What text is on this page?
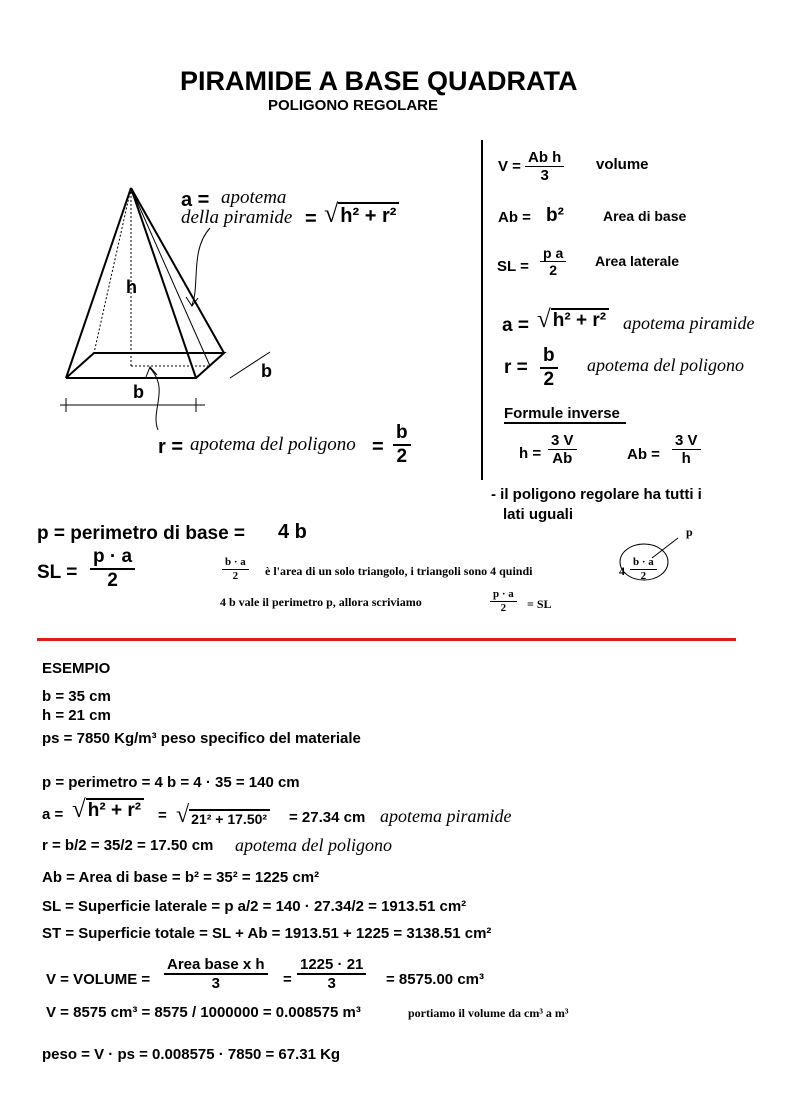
PIRAMIDE A BASE QUADRATA
POLIGONO REGOLARE
a = apotema
della piramide = √ h² + r²
h
b
b
r = apotema del poligono = $\frac{b}{2}$
$V = \frac{\text{Ab h}}{3}$ volume
Ab = b²	Area di base
SL = $\frac{\text{p a}}{2}$ Area laterale
a = √ h² + r² apotema piramide
$r = \frac{b}{2}$ apotema del poligono
Formule inverse
$h = \frac{3 V}{Ab}$	$Ab = \frac{3 V}{h}$
- il poligono regolare ha tutti i
lati uguali
p = perimetro di base = 4 b
SL = $\frac{p \cdot a}{2}$	$\frac{b \cdot a}{2}$ è l'area di un solo triangolo, i triangoli sono 4 quindi	$4 \frac{b \cdot a}{2}$
p
4 b vale il perimetro p, allora scriviamo	$\frac{p \cdot a}{2}$ = SL
ESEMPIO
b = 35 cm
h = 21 cm
ps = 7850 Kg/m³ peso specifico del materiale
p = perimetro = 4 b = 4 · 35 = 140 cm
a = √ h² + r² = √ 21² + 17.50² = 27.34 cm apotema piramide
r = b/2 = 35/2 = 17.50 cm apotema del poligono
Ab = Area di base = b² = 35² = 1225 cm²
SL = Superficie laterale = p a/2 = 140 · 27.34/2 = 1913.51 cm²
ST = Superficie totale = SL + Ab = 1913.51 + 1225 = 3138.51 cm²
V = VOLUME =
Area base x h
3	= $\frac{1225 \cdot 21}{3} = 8575.00$ cm³
V = 8575 cm³ = 8575 / 1000000 = 0.008575 m³	portiamo il volume da cm³ a m³
peso = V · ps = 0.008575 · 7850 = 67.31 Kg
